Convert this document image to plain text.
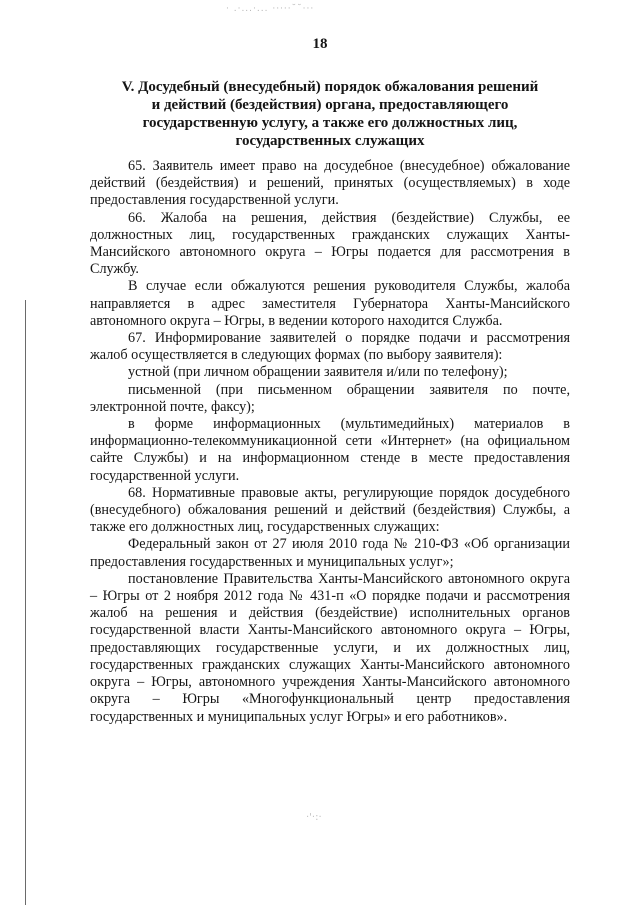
· .·...·... ·····˘˘···
18
V. Досудебный (внесудебный) порядок обжалования решений
и действий (бездействия) органа, предоставляющего
государственную услугу, а также его должностных лиц,
государственных служащих

65. Заявитель имеет право на досудебное (внесудебное) обжалование действий (бездействия) и решений, принятых (осуществляемых) в ходе предоставления государственной услуги.

66. Жалоба на решения, действия (бездействие) Службы, ее должностных лиц, государственных гражданских служащих Ханты-Мансийского автономного округа – Югры подается для рассмотрения в Службу.

В случае если обжалуются решения руководителя Службы, жалоба направляется в адрес заместителя Губернатора Ханты-Мансийского автономного округа – Югры, в ведении которого находится Служба.

67. Информирование заявителей о порядке подачи и рассмотрения жалоб осуществляется в следующих формах (по выбору заявителя):

устной (при личном обращении заявителя и/или по телефону);

письменной (при письменном обращении заявителя по почте, электронной почте, факсу);

в форме информационных (мультимедийных) материалов в информационно-телекоммуникационной сети «Интернет» (на официальном сайте Службы) и на информационном стенде в месте предоставления государственной услуги.

68. Нормативные правовые акты, регулирующие порядок досудебного (внесудебного) обжалования решений и действий (бездействия) Службы, а также его должностных лиц, государственных служащих:

Федеральный закон от 27 июля 2010 года № 210-ФЗ «Об организации предоставления государственных и муниципальных услуг»;

постановление Правительства Ханты-Мансийского автономного округа – Югры от 2 ноября 2012 года № 431-п «О порядке подачи и рассмотрения жалоб на решения и действия (бездействие) исполнительных органов государственной власти Ханты-Мансийского автономного округа – Югры, предоставляющих государственные услуги, и их должностных лиц, государственных гражданских служащих Ханты-Мансийского автономного округа – Югры, автономного учреждения Ханты-Мансийского автономного округа – Югры «Многофункциональный центр предоставления государственных и муниципальных услуг Югры» и его работников».

·'·:·
